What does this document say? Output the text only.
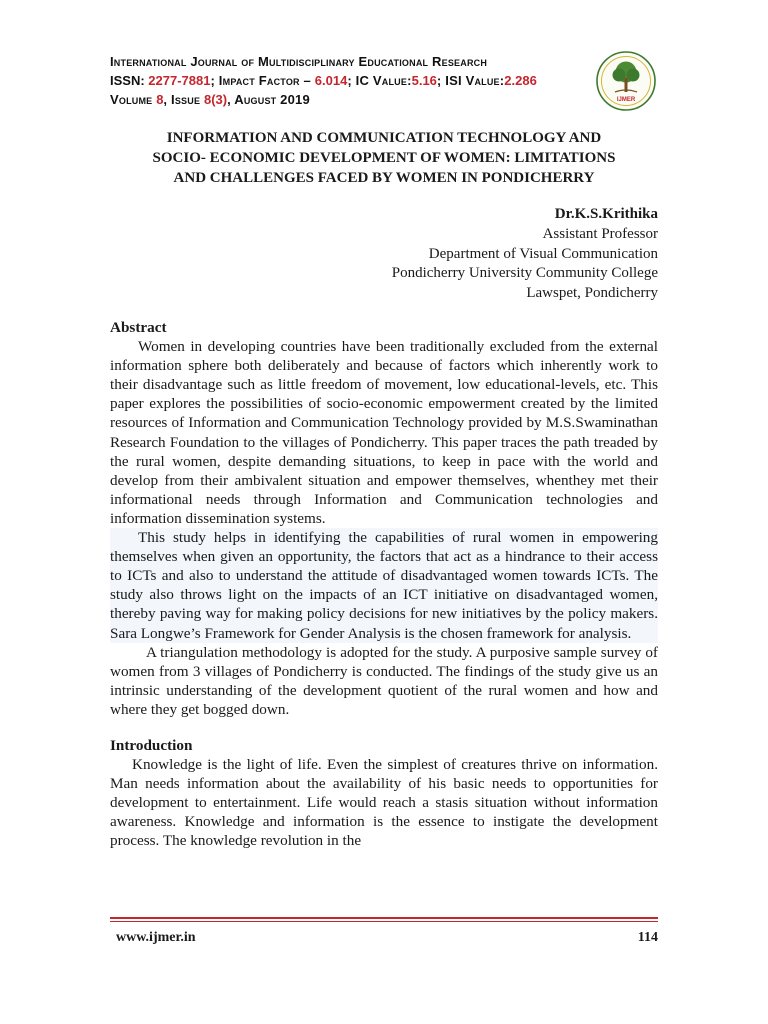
International Journal of Multidisciplinary Educational Research
ISSN: 2277-7881; Impact Factor – 6.014; IC Value:5.16; ISI Value:2.286
Volume 8, Issue 8(3), August 2019	IJMER
INFORMATION AND COMMUNICATION TECHNOLOGY AND
SOCIO- ECONOMIC DEVELOPMENT OF WOMEN: LIMITATIONS
AND CHALLENGES FACED BY WOMEN IN PONDICHERRY
Dr.K.S.Krithika
Assistant Professor
Department of Visual Communication
Pondicherry University Community College
Lawspet, Pondicherry
Abstract

Women in developing countries have been traditionally excluded from the external information sphere both deliberately and because of factors which inherently work to their disadvantage such as little freedom of movement, low educational-levels, etc. This paper explores the possibilities of socio-economic empowerment created by the limited resources of Information and Communication Technology provided by M.S.Swaminathan Research Foundation to the villages of Pondicherry. This paper traces the path treaded by the rural women, despite demanding situations, to keep in pace with the world and develop from their ambivalent situation and empower themselves, whenthey met their informational needs through Information and Communication technologies and information dissemination systems.

This study helps in identifying the capabilities of rural women in empowering themselves when given an opportunity, the factors that act as a hindrance to their access to ICTs and also to understand the attitude of disadvantaged women towards ICTs. The study also throws light on the impacts of an ICT initiative on disadvantaged women, thereby paving way for making policy decisions for new initiatives by the policy makers. Sara Longwe’s Framework for Gender Analysis is the chosen framework for analysis.

A triangulation methodology is adopted for the study. A purposive sample survey of women from 3 villages of Pondicherry is conducted. The findings of the study give us an intrinsic understanding of the development quotient of the rural women and how and where they get bogged down.

Introduction

Knowledge is the light of life. Even the simplest of creatures thrive on information. Man needs information about the availability of his basic needs to opportunities for development to entertainment. Life would reach a stasis situation without information awareness. Knowledge and information is the essence to instigate the development process. The knowledge revolution in the

www.ijmer.in	114
